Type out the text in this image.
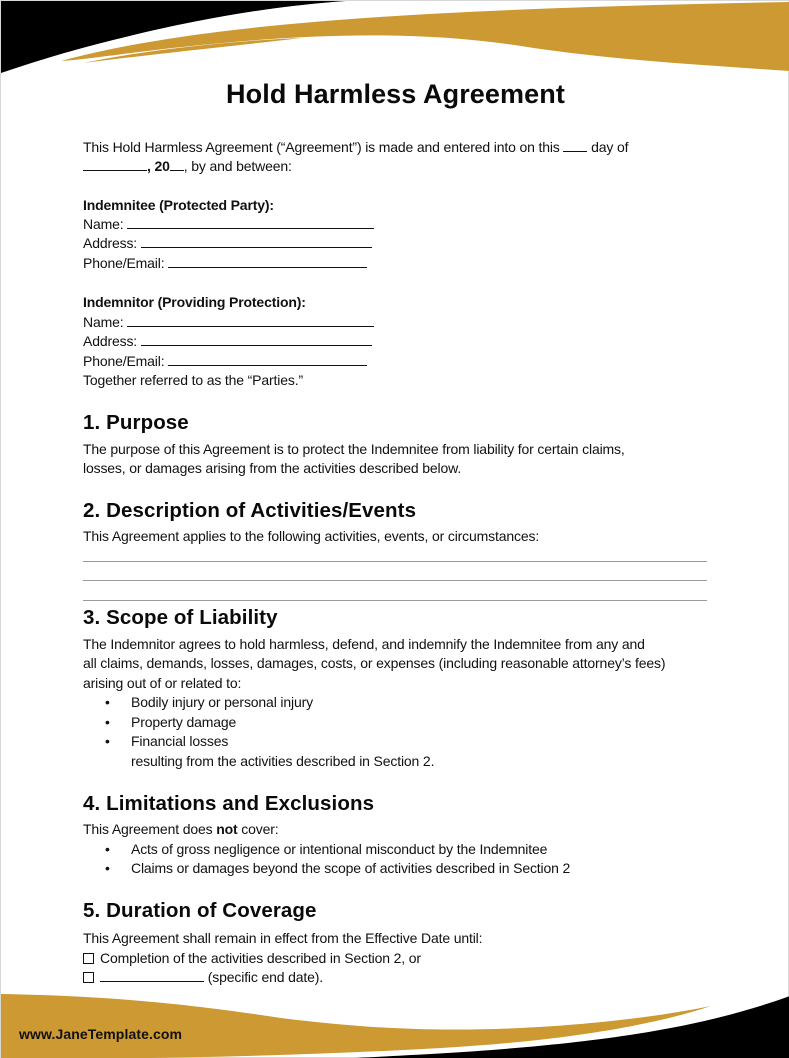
Hold Harmless Agreement
This Hold Harmless Agreement (“Agreement”) is made and entered into on this day of
, 20 , by and between:
Indemnitee (Protected Party):
Name:
Address:
Phone/Email:
Indemnitor (Providing Protection):
Name:
Address:
Phone/Email:
Together referred to as the “Parties.”
1. Purpose
The purpose of this Agreement is to protect the Indemnitee from liability for certain claims,
losses, or damages arising from the activities described below.
2. Description of Activities/Events
This Agreement applies to the following activities, events, or circumstances:
3. Scope of Liability
The Indemnitor agrees to hold harmless, defend, and indemnify the Indemnitee from any and
all claims, demands, losses, damages, costs, or expenses (including reasonable attorney’s fees)
arising out of or related to:
• Bodily injury or personal injury
• Property damage
• Financial losses
resulting from the activities described in Section 2.
4. Limitations and Exclusions
This Agreement does not cover:
• Acts of gross negligence or intentional misconduct by the Indemnitee
• Claims or damages beyond the scope of activities described in Section 2
5. Duration of Coverage
This Agreement shall remain in effect from the Effective Date until:
Completion of the activities described in Section 2, or
(specific end date).
www.JaneTemplate.com
